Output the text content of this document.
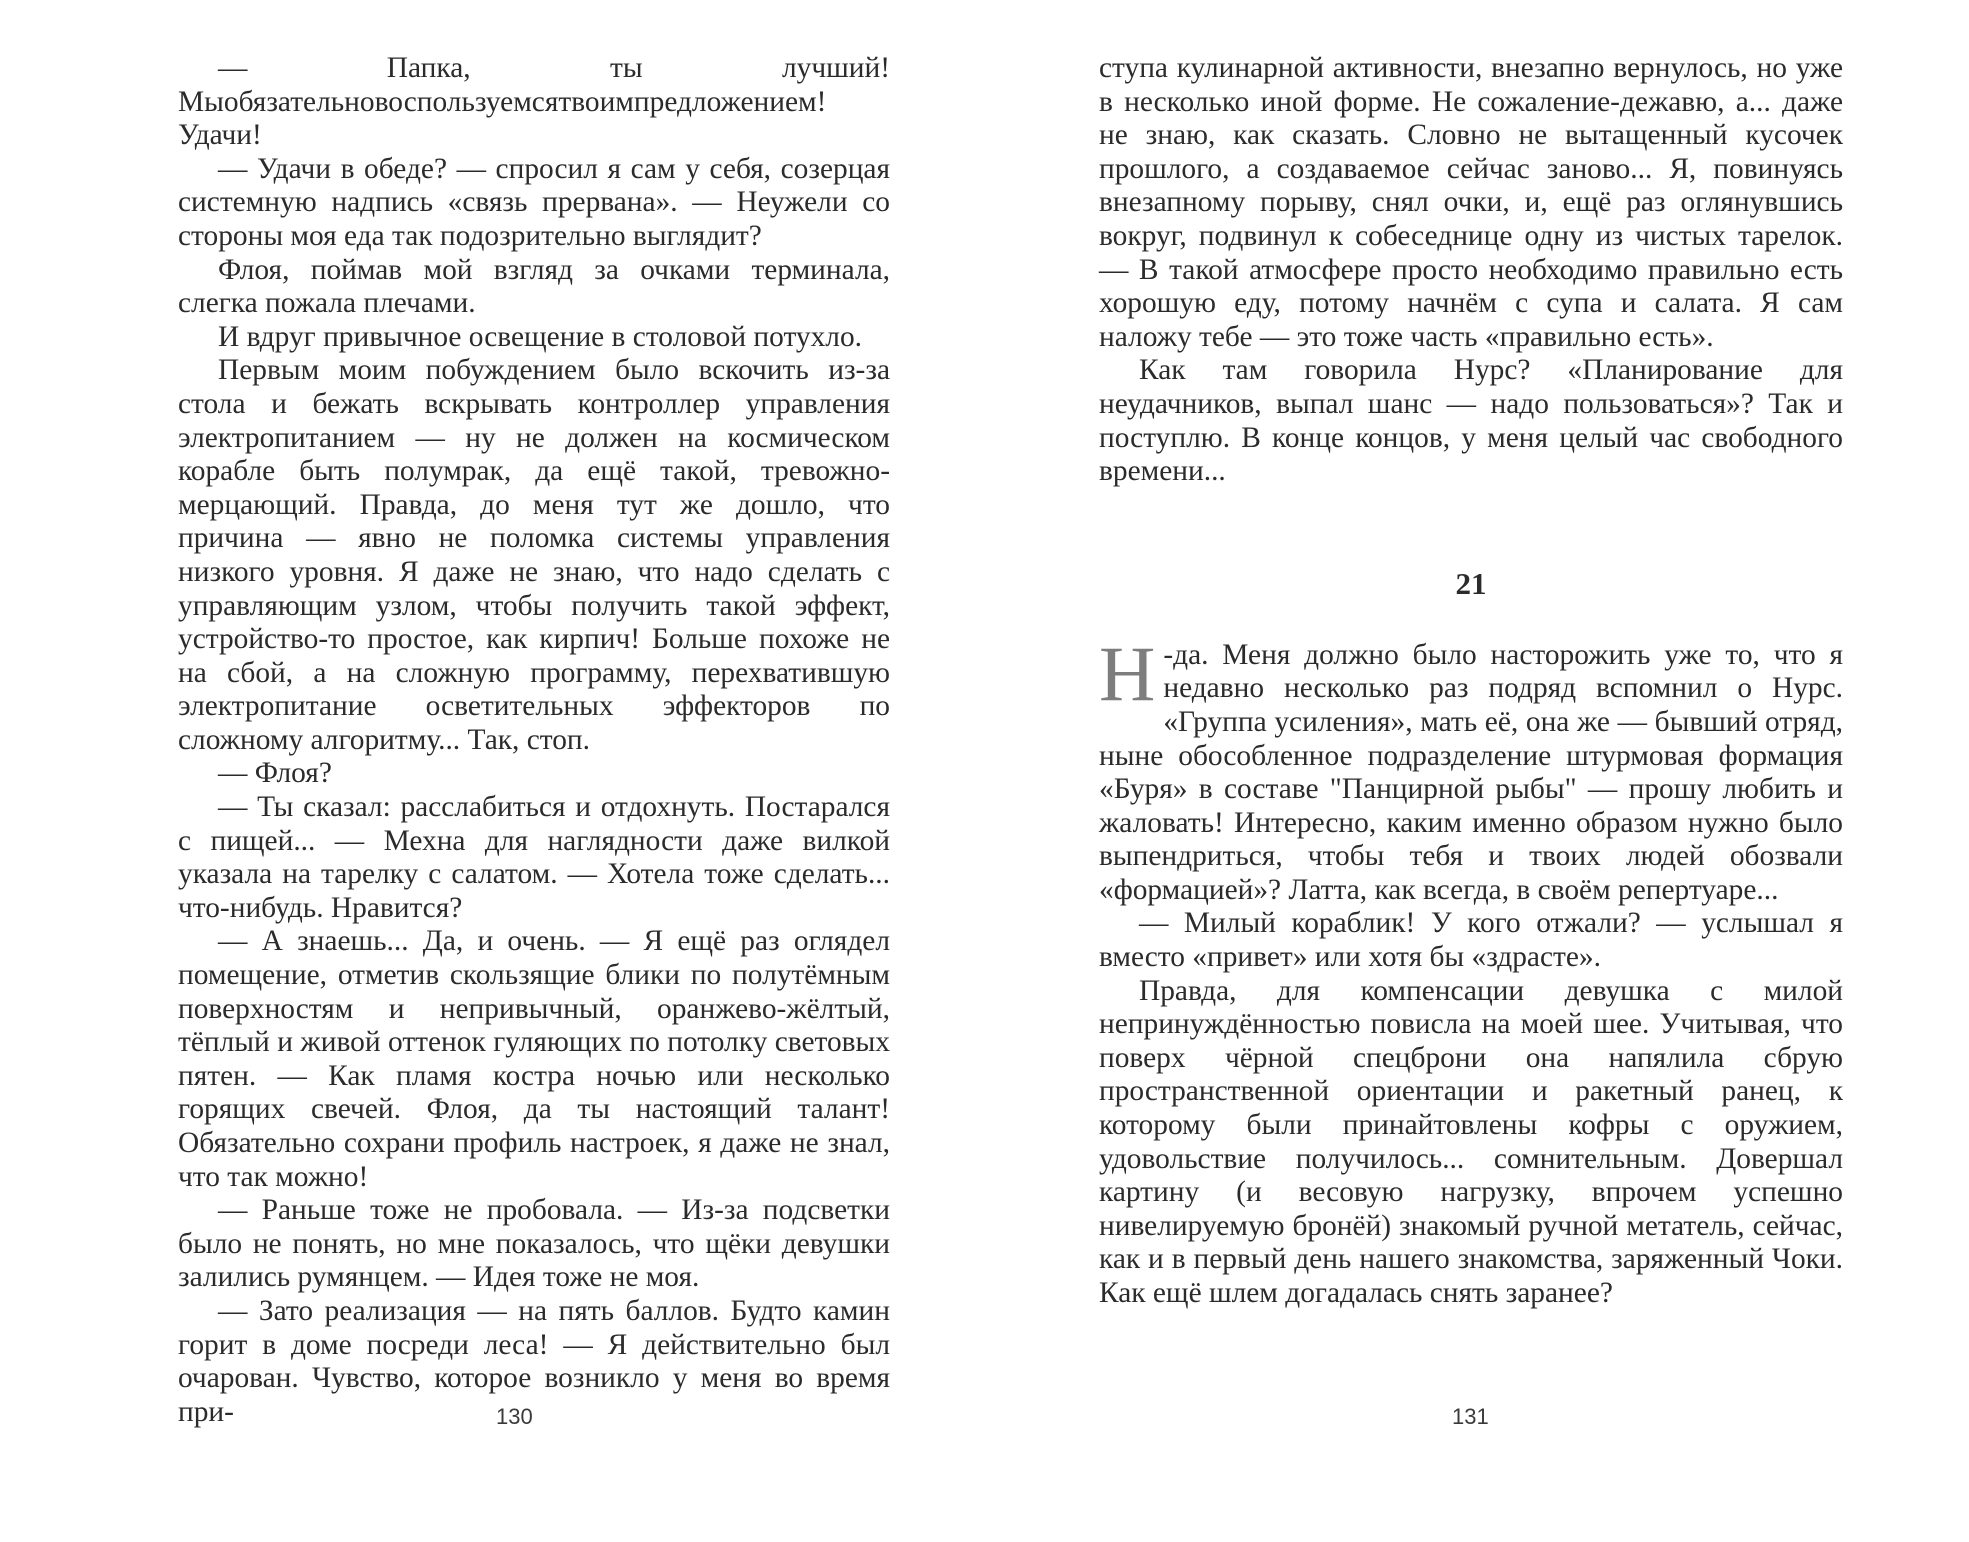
— Папка, ты лучший! Мыобязательновоспользуемсятвоимпредложением! Удачи!

— Удачи в обеде? — спросил я сам у себя, созерцая системную надпись «связь прервана». — Неужели со стороны моя еда так подозрительно выглядит?

Флоя, поймав мой взгляд за очками терминала, слегка пожала плечами.

И вдруг привычное освещение в столовой потухло.

Первым моим побуждением было вскочить из-за стола и бежать вскрывать контроллер управления электропитанием — ну не должен на космическом корабле быть полумрак, да ещё такой, тревожно-мерцающий. Правда, до меня тут же дошло, что причина — явно не поломка системы управления низкого уровня. Я даже не знаю, что надо сделать с управляющим узлом, чтобы получить такой эффект, устройство-то простое, как кирпич! Больше похоже не на сбой, а на сложную программу, перехватившую электропитание осветительных эффекторов по сложному алгоритму... Так, стоп.

— Флоя?

— Ты сказал: расслабиться и отдохнуть. Постарался с пищей... — Мехна для наглядности даже вилкой указала на тарелку с салатом. — Хотела тоже сделать... что-нибудь. Нравится?

— А знаешь... Да, и очень. — Я ещё раз оглядел помещение, отметив скользящие блики по полутёмным поверхностям и непривычный, оранжево-жёлтый, тёплый и живой оттенок гуляющих по потолку световых пятен. — Как пламя костра ночью или несколько горящих свечей. Флоя, да ты настоящий талант! Обязательно сохрани профиль настроек, я даже не знал, что так можно!

— Раньше тоже не пробовала. — Из-за подсветки было не понять, но мне показалось, что щёки девушки залились румянцем. — Идея тоже не моя.

— Зато реализация — на пять баллов. Будто камин горит в доме посреди леса! — Я действительно был очарован. Чувство, которое возникло у меня во время при-	130

ступа кулинарной активности, внезапно вернулось, но уже в несколько иной форме. Не сожаление-дежавю, а... даже не знаю, как сказать. Словно не вытащенный кусочек прошлого, а создаваемое сейчас заново... Я, повинуясь внезапному порыву, снял очки, и, ещё раз оглянувшись вокруг, подвинул к собеседнице одну из чистых тарелок. — В такой атмосфере просто необходимо правильно есть хорошую еду, потому начнём с супа и салата. Я сам наложу тебе — это тоже часть «правильно есть».

Как там говорила Нурс? «Планирование для неудачников, выпал шанс — надо пользоваться»? Так и поступлю. В конце концов, у меня целый час свободного времени...

21

Н -да. Меня должно было насторожить уже то, что я недавно несколько раз подряд вспомнил о Нурс. «Группа усиления», мать её, она же — бывший отряд, ныне обособленное подразделение штурмовая формация «Буря» в составе "Панцирной рыбы" — прошу любить и жаловать! Интересно, каким именно образом нужно было выпендриться, чтобы тебя и твоих людей обозвали «формацией»? Латта, как всегда, в своём репертуаре...

— Милый кораблик! У кого отжали? — услышал я вместо «привет» или хотя бы «здрасте».

Правда, для компенсации девушка с милой непринуждённостью повисла на моей шее. Учитывая, что поверх чёрной спецброни она напялила сбрую пространственной ориентации и ракетный ранец, к которому были принайтовлены кофры с оружием, удовольствие получилось... сомнительным. Довершал картину (и весовую нагрузку, впрочем успешно нивелируемую бронёй) знакомый ручной метатель, сейчас, как и в первый день нашего знакомства, заряженный Чоки. Как ещё шлем догадалась снять заранее?

131
